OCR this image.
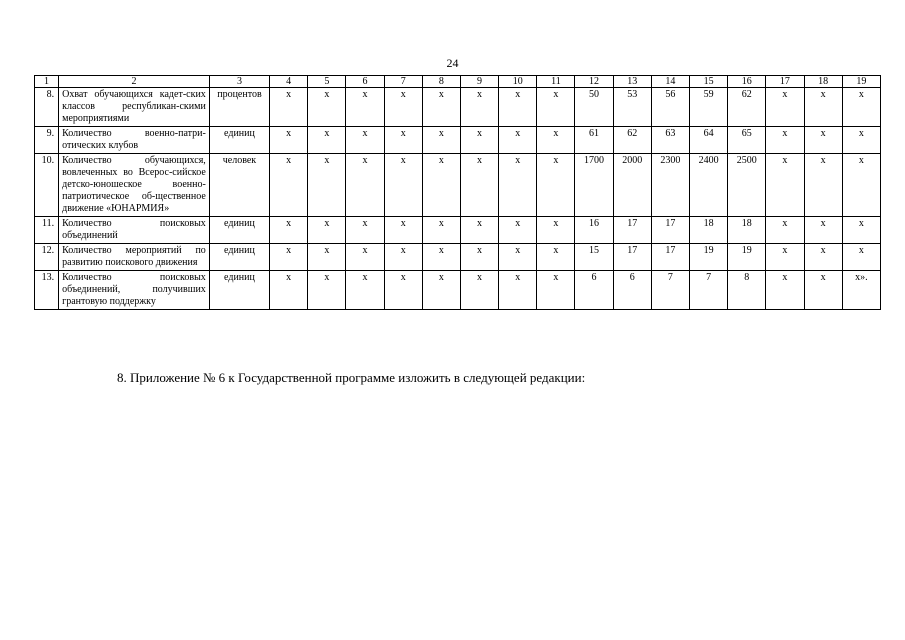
24
1	2	3	4	5	6	7	8	9	10	11	12	13	14	15	16	17	18	19
8.	Охват обучающихся кадет-ских классов республикан-скими мероприятиями	процентов	x	x	x	x	x	x	x	x	50	53	56	59	62	x	x	x
9.	Количество военно-патри-отических клубов	единиц	x	x	x	x	x	x	x	x	61	62	63	64	65	x	x	x
10.	Количество обучающихся, вовлеченных во Всерос-сийское детско-юношеское военно-патриотическое об-щественное движение «ЮНАРМИЯ»	человек	x	x	x	x	x	x	x	x	1700	2000	2300	2400	2500	x	x	x
11.	Количество поисковых объединений	единиц	x	x	x	x	x	x	x	x	16	17	17	18	18	x	x	x
12.	Количество мероприятий по развитию поискового движения	единиц	x	x	x	x	x	x	x	x	15	17	17	19	19	x	x	x
13.	Количество поисковых объединений, получивших грантовую поддержку	единиц	x	x	x	x	x	x	x	x	6	6	7	7	8	x	x	x».
8. Приложение № 6 к Государственной программе изложить в следующей редакции:
